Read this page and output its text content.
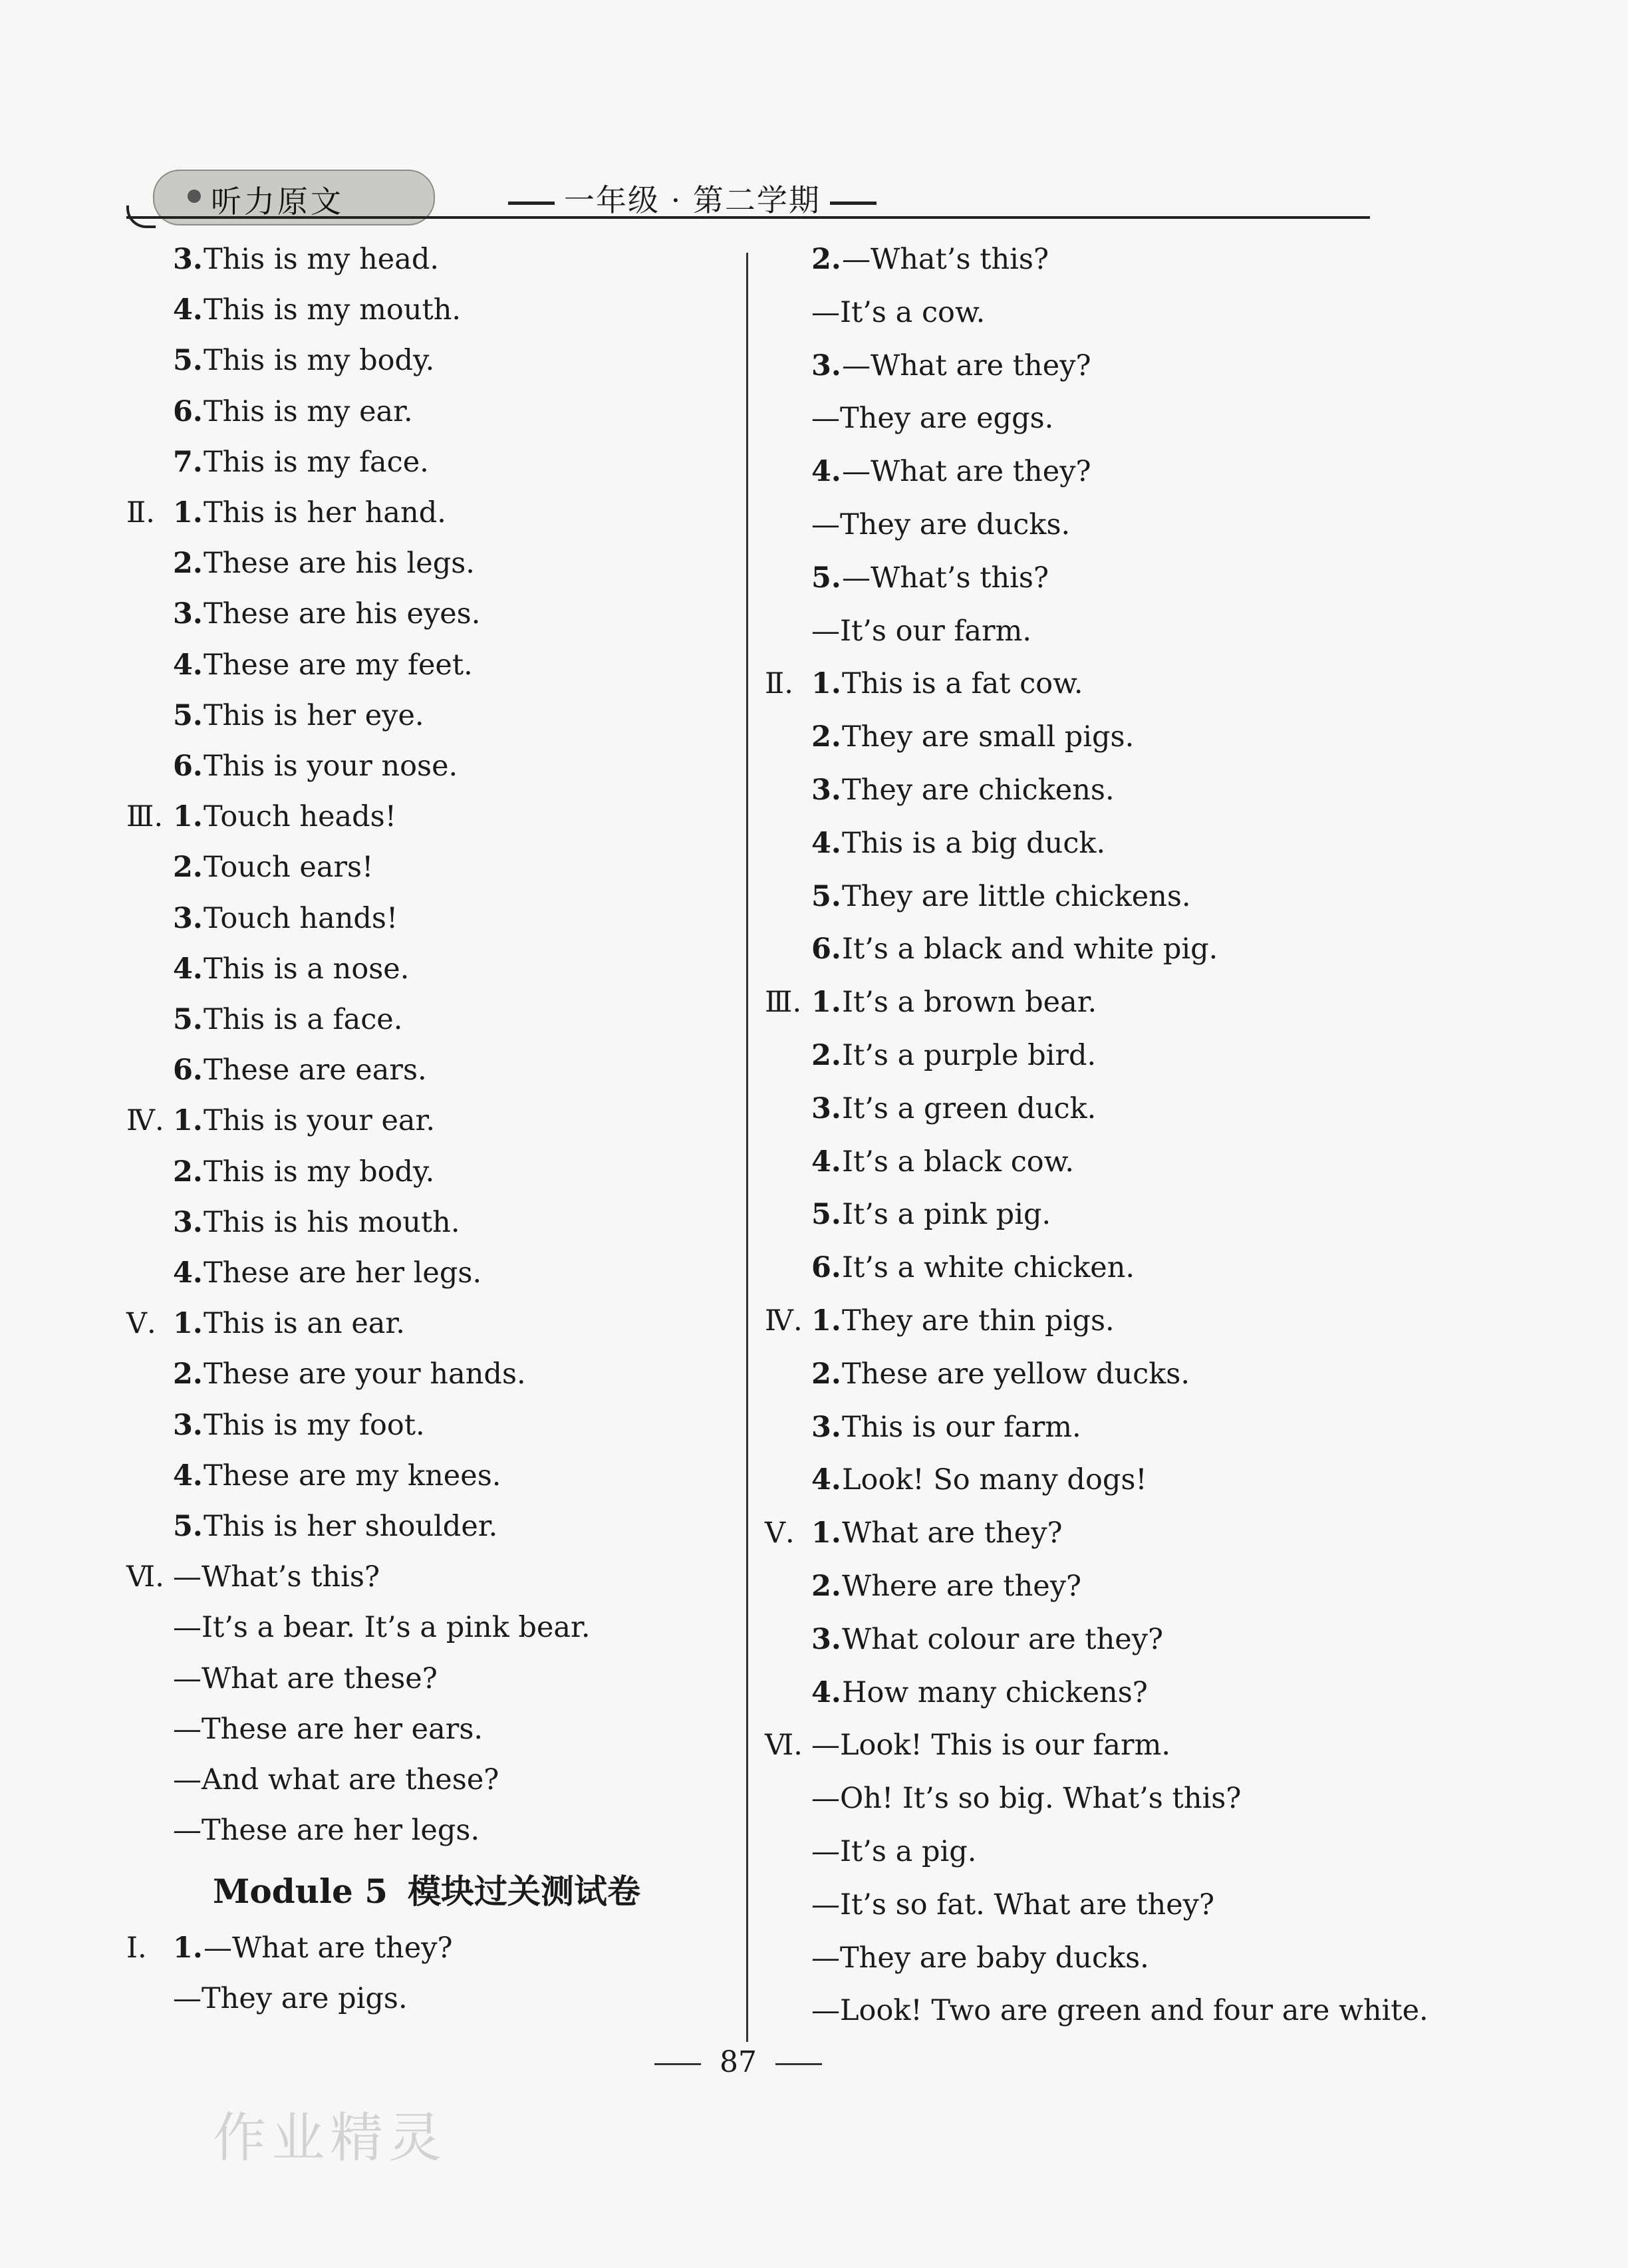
听力原文	一年级 · 第二学期
3. This is my head.
4. This is my mouth.
5. This is my body.
6. This is my ear.
7. This is my face.
Ⅱ. 1. This is her hand.
2. These are his legs.
3. These are his eyes.
4. These are my feet.
5. This is her eye.
6. This is your nose.
Ⅲ. 1. Touch heads!
2. Touch ears!
3. Touch hands!
4. This is a nose.
5. This is a face.
6. These are ears.
Ⅳ. 1. This is your ear.
2. This is my body.
3. This is his mouth.
4. These are her legs.
Ⅴ. 1. This is an ear.
2. These are your hands.
3. This is my foot.
4. These are my knees.
5. This is her shoulder.
Ⅵ. —What’s this?
—It’s a bear. It’s a pink bear.
—What are these?
—These are her ears.
—And what are these?
—These are her legs.
Module 5 模块过关测试卷
Ⅰ. 1. —What are they?
—They are pigs.
2. —What’s this?
—It’s a cow.
3. —What are they?
—They are eggs.
4. —What are they?
—They are ducks.
5. —What’s this?
—It’s our farm.
Ⅱ. 1. This is a fat cow.
2. They are small pigs.
3. They are chickens.
4. This is a big duck.
5. They are little chickens.
6. It’s a black and white pig.
Ⅲ. 1. It’s a brown bear.
2. It’s a purple bird.
3. It’s a green duck.
4. It’s a black cow.
5. It’s a pink pig.
6. It’s a white chicken.
Ⅳ. 1. They are thin pigs.
2. These are yellow ducks.
3. This is our farm.
4. Look! So many dogs!
Ⅴ. 1. What are they?
2. Where are they?
3. What colour are they?
4. How many chickens?
Ⅵ. —Look! This is our farm.
—Oh! It’s so big. What’s this?
—It’s a pig.
—It’s so fat. What are they?
—They are baby ducks.
—Look! Two are green and four are white.
87
作业精灵
